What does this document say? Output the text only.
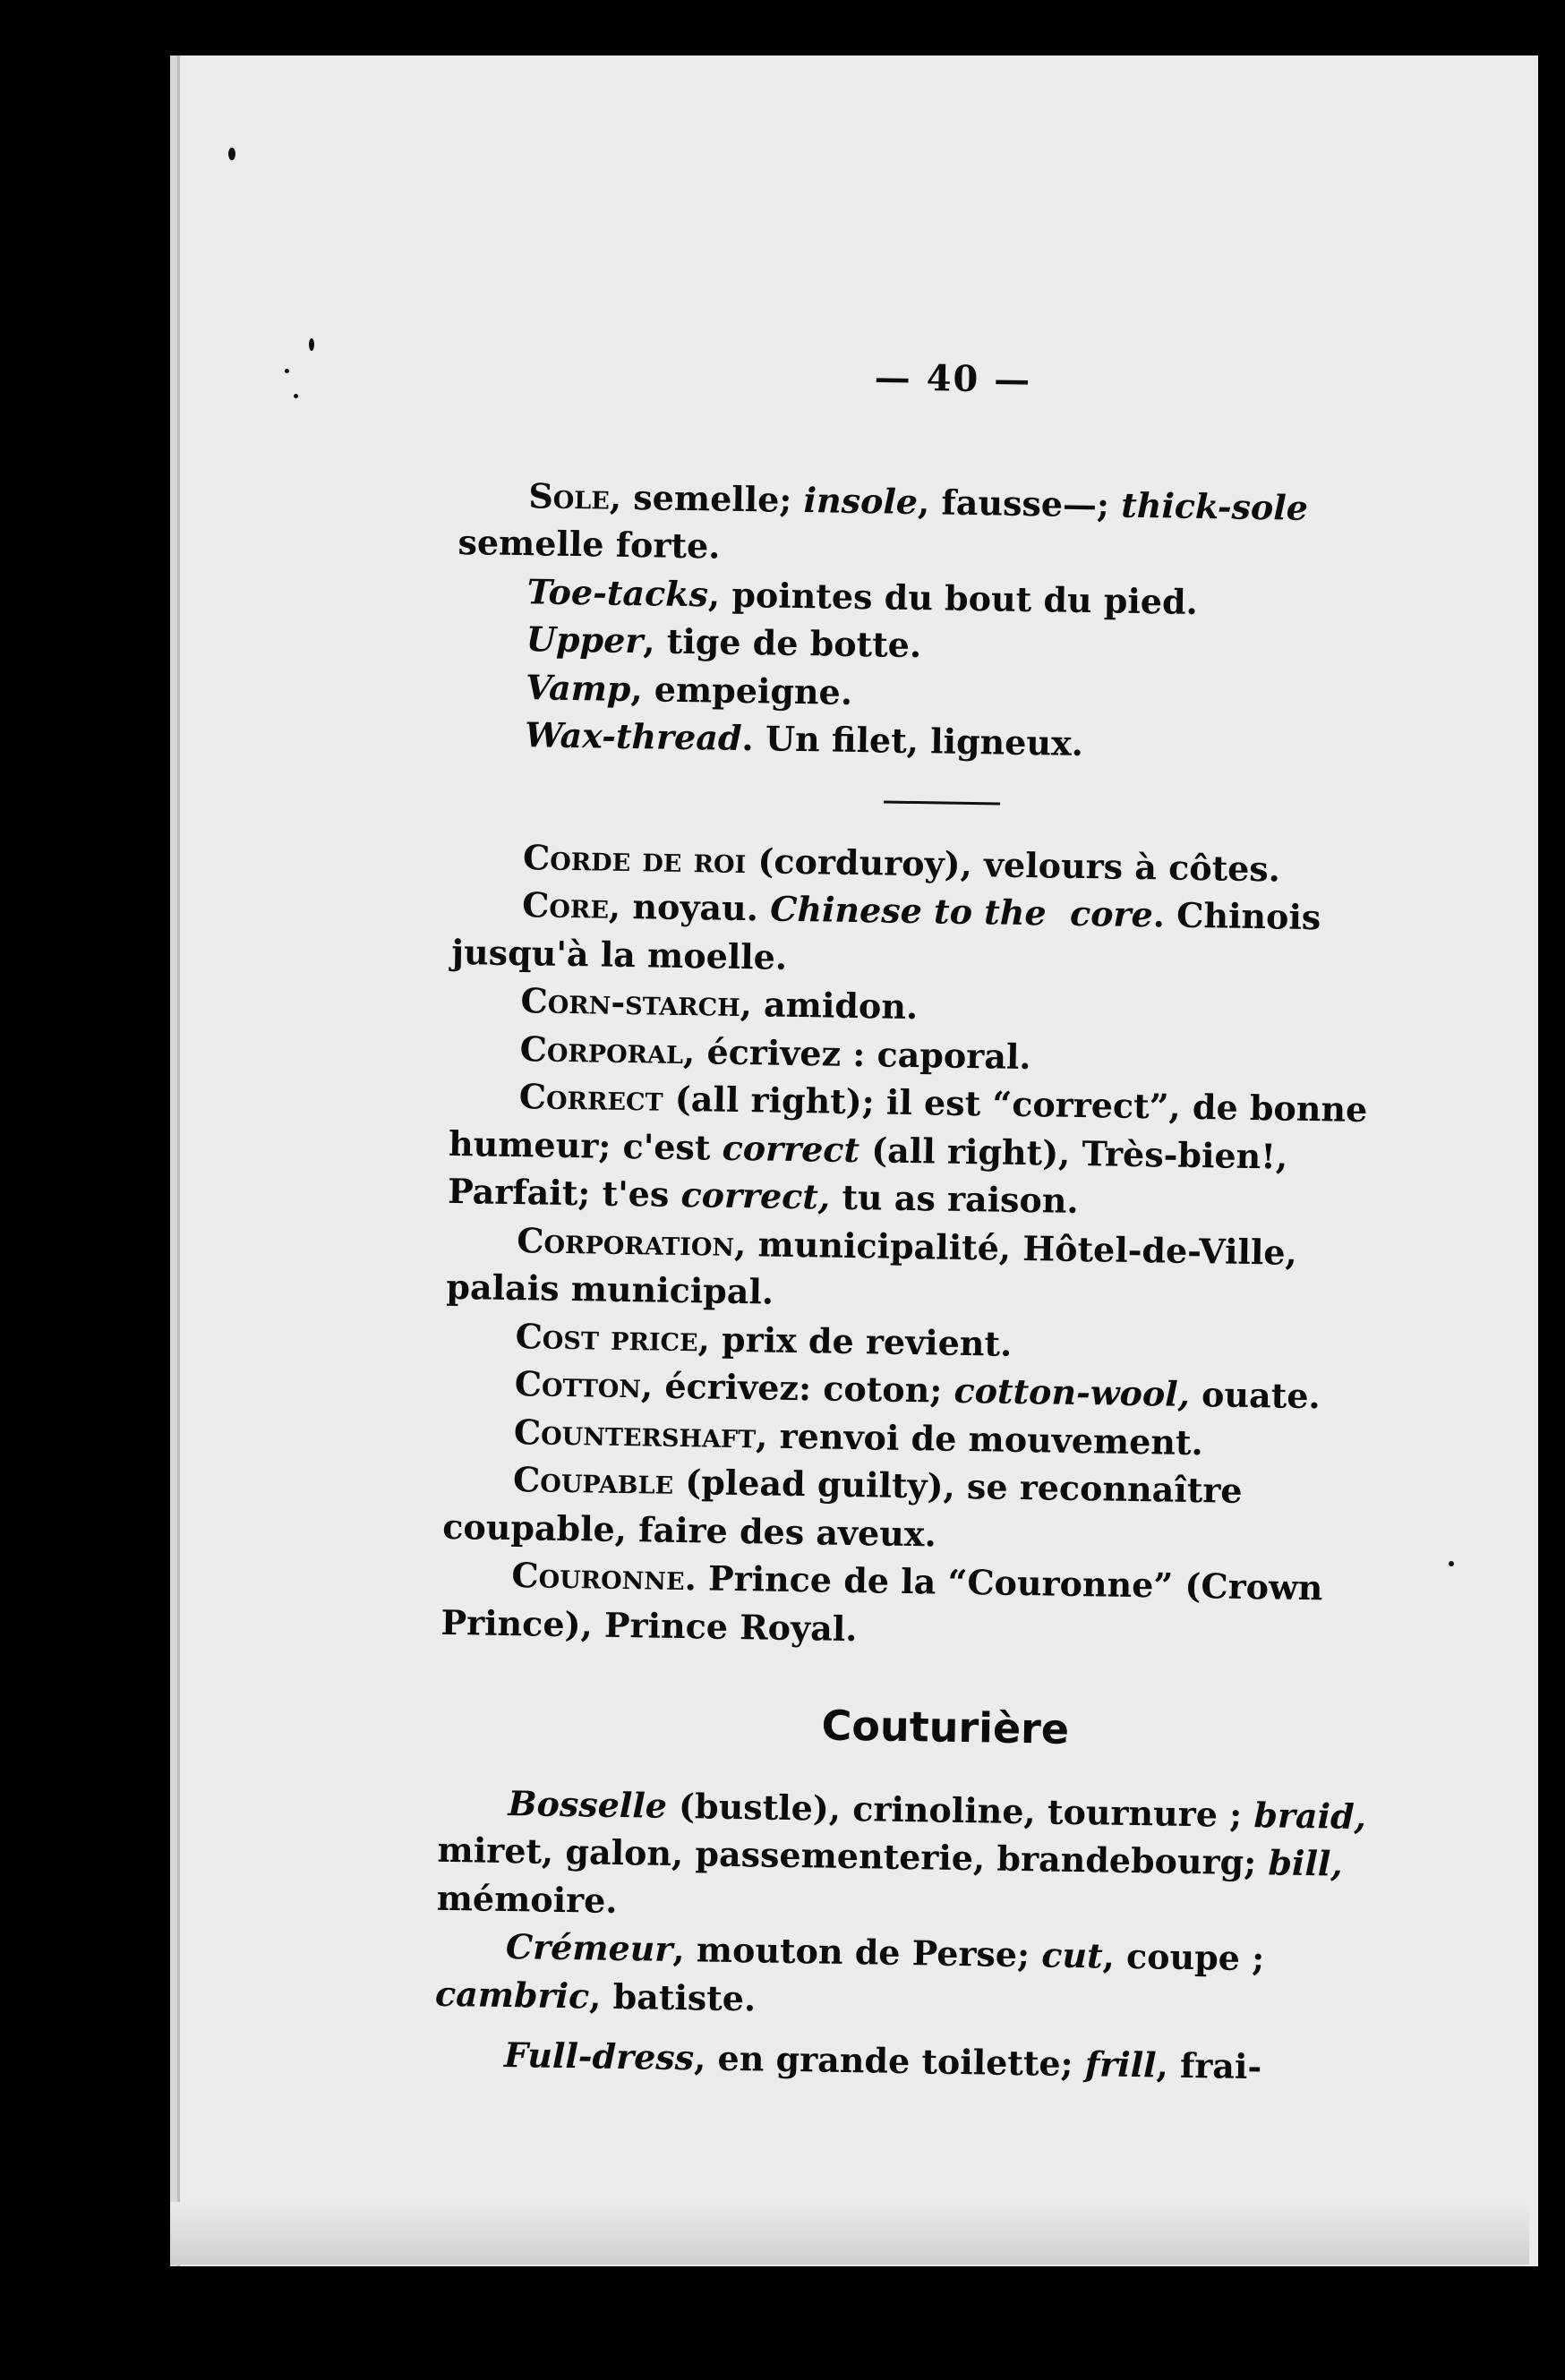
— 40 —

Sole, semelle; insole, fausse—; thick-sole semelle forte.

Toe-tacks, pointes du bout du pied.

Upper, tige de botte.

Vamp, empeigne.

Wax-thread. Un filet, ligneux.

Corde de roi (corduroy), velours à côtes.

Core, noyau. Chinese to the  core. Chinois jusqu'à la moelle.

Corn-starch, amidon.

Corporal, écrivez : caporal.

Correct (all right); il est “correct”, de bonne humeur; c'est correct (all right), Très-bien!, Parfait; t'es correct, tu as raison.

Corporation, municipalité, Hôtel-de-Ville, palais municipal.

Cost price, prix de revient.

Cotton, écrivez: coton; cotton-wool, ouate.

Countershaft, renvoi de mouvement.

Coupable (plead guilty), se reconnaître coupable, faire des aveux.

Couronne. Prince de la “Couronne” (Crown Prince), Prince Royal.

Couturière

Bosselle (bustle), crinoline, tournure ; braid, miret, galon, passementerie, brandebourg; bill, mémoire.

Crémeur, mouton de Perse; cut, coupe ; cambric, batiste.

Full-dress, en grande toilette; frill, frai-
